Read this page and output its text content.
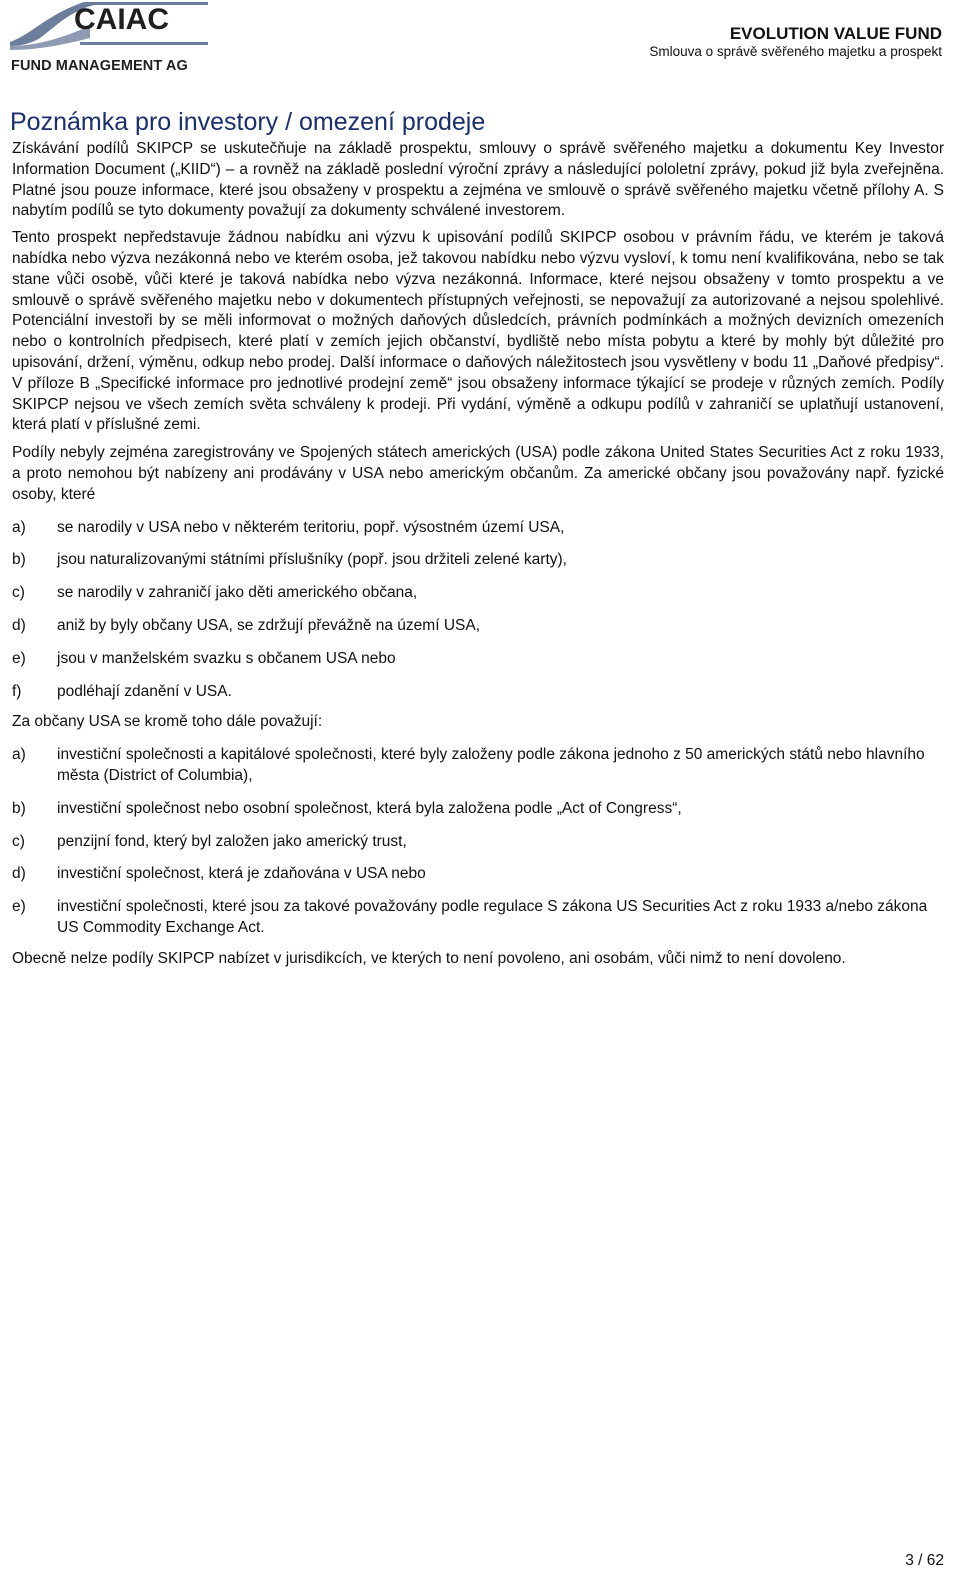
CAIAC
FUND MANAGEMENT AG
EVOLUTION VALUE FUND
Smlouva o správě svěřeného majetku a prospekt
Poznámka pro investory / omezení prodeje

Získávání podílů SKIPCP se uskutečňuje na základě prospektu, smlouvy o správě svěřeného majetku a dokumentu Key Investor Information Document („KIID“) – a rovněž na základě poslední výroční zprávy a následující pololetní zprávy, pokud již byla zveřejněna. Platné jsou pouze informace, které jsou obsaženy v prospektu a zejména ve smlouvě o správě svěřeného majetku včetně přílohy A. S nabytím podílů se tyto dokumenty považují za dokumenty schválené investorem.

Tento prospekt nepředstavuje žádnou nabídku ani výzvu k upisování podílů SKIPCP osobou v právním řádu, ve kterém je taková nabídka nebo výzva nezákonná nebo ve kterém osoba, jež takovou nabídku nebo výzvu vysloví, k tomu není kvalifikována, nebo se tak stane vůči osobě, vůči které je taková nabídka nebo výzva nezákonná. Informace, které nejsou obsaženy v tomto prospektu a ve smlouvě o správě svěřeného majetku nebo v dokumentech přístupných veřejnosti, se nepovažují za autorizované a nejsou spolehlivé. Potenciální investoři by se měli informovat o možných daňových důsledcích, právních podmínkách a možných devizních omezeních nebo o kontrolních předpisech, které platí v zemích jejich občanství, bydliště nebo místa pobytu a které by mohly být důležité pro upisování, držení, výměnu, odkup nebo prodej. Další informace o daňových náležitostech jsou vysvětleny v bodu 11 „Daňové předpisy“. V příloze B „Specifické informace pro jednotlivé prodejní země“ jsou obsaženy informace týkající se prodeje v různých zemích. Podíly SKIPCP nejsou ve všech zemích světa schváleny k prodeji. Při vydání, výměně a odkupu podílů v zahraničí se uplatňují ustanovení, která platí v příslušné zemi.

Podíly nebyly zejména zaregistrovány ve Spojených státech amerických (USA) podle zákona United States Securities Act z roku 1933, a proto nemohou být nabízeny ani prodávány v USA nebo americkým občanům. Za americké občany jsou považovány např. fyzické osoby, které

a) se narodily v USA nebo v některém teritoriu, popř. výsostném území USA,
b) jsou naturalizovanými státními příslušníky (popř. jsou držiteli zelené karty),
c) se narodily v zahraničí jako děti amerického občana,
d) aniž by byly občany USA, se zdržují převážně na území USA,
e) jsou v manželském svazku s občanem USA nebo
f) podléhají zdanění v USA.

Za občany USA se kromě toho dále považují:

a) investiční společnosti a kapitálové společnosti, které byly založeny podle zákona jednoho z 50 amerických států nebo hlavního města (District of Columbia),
b) investiční společnost nebo osobní společnost, která byla založena podle „Act of Congress“,
c) penzijní fond, který byl založen jako americký trust,
d) investiční společnost, která je zdaňována v USA nebo
e) investiční společnosti, které jsou za takové považovány podle regulace S zákona US Securities Act z roku 1933 a/nebo zákona US Commodity Exchange Act.

Obecně nelze podíly SKIPCP nabízet v jurisdikcích, ve kterých to není povoleno, ani osobám, vůči nimž to není dovoleno.

3 / 62
